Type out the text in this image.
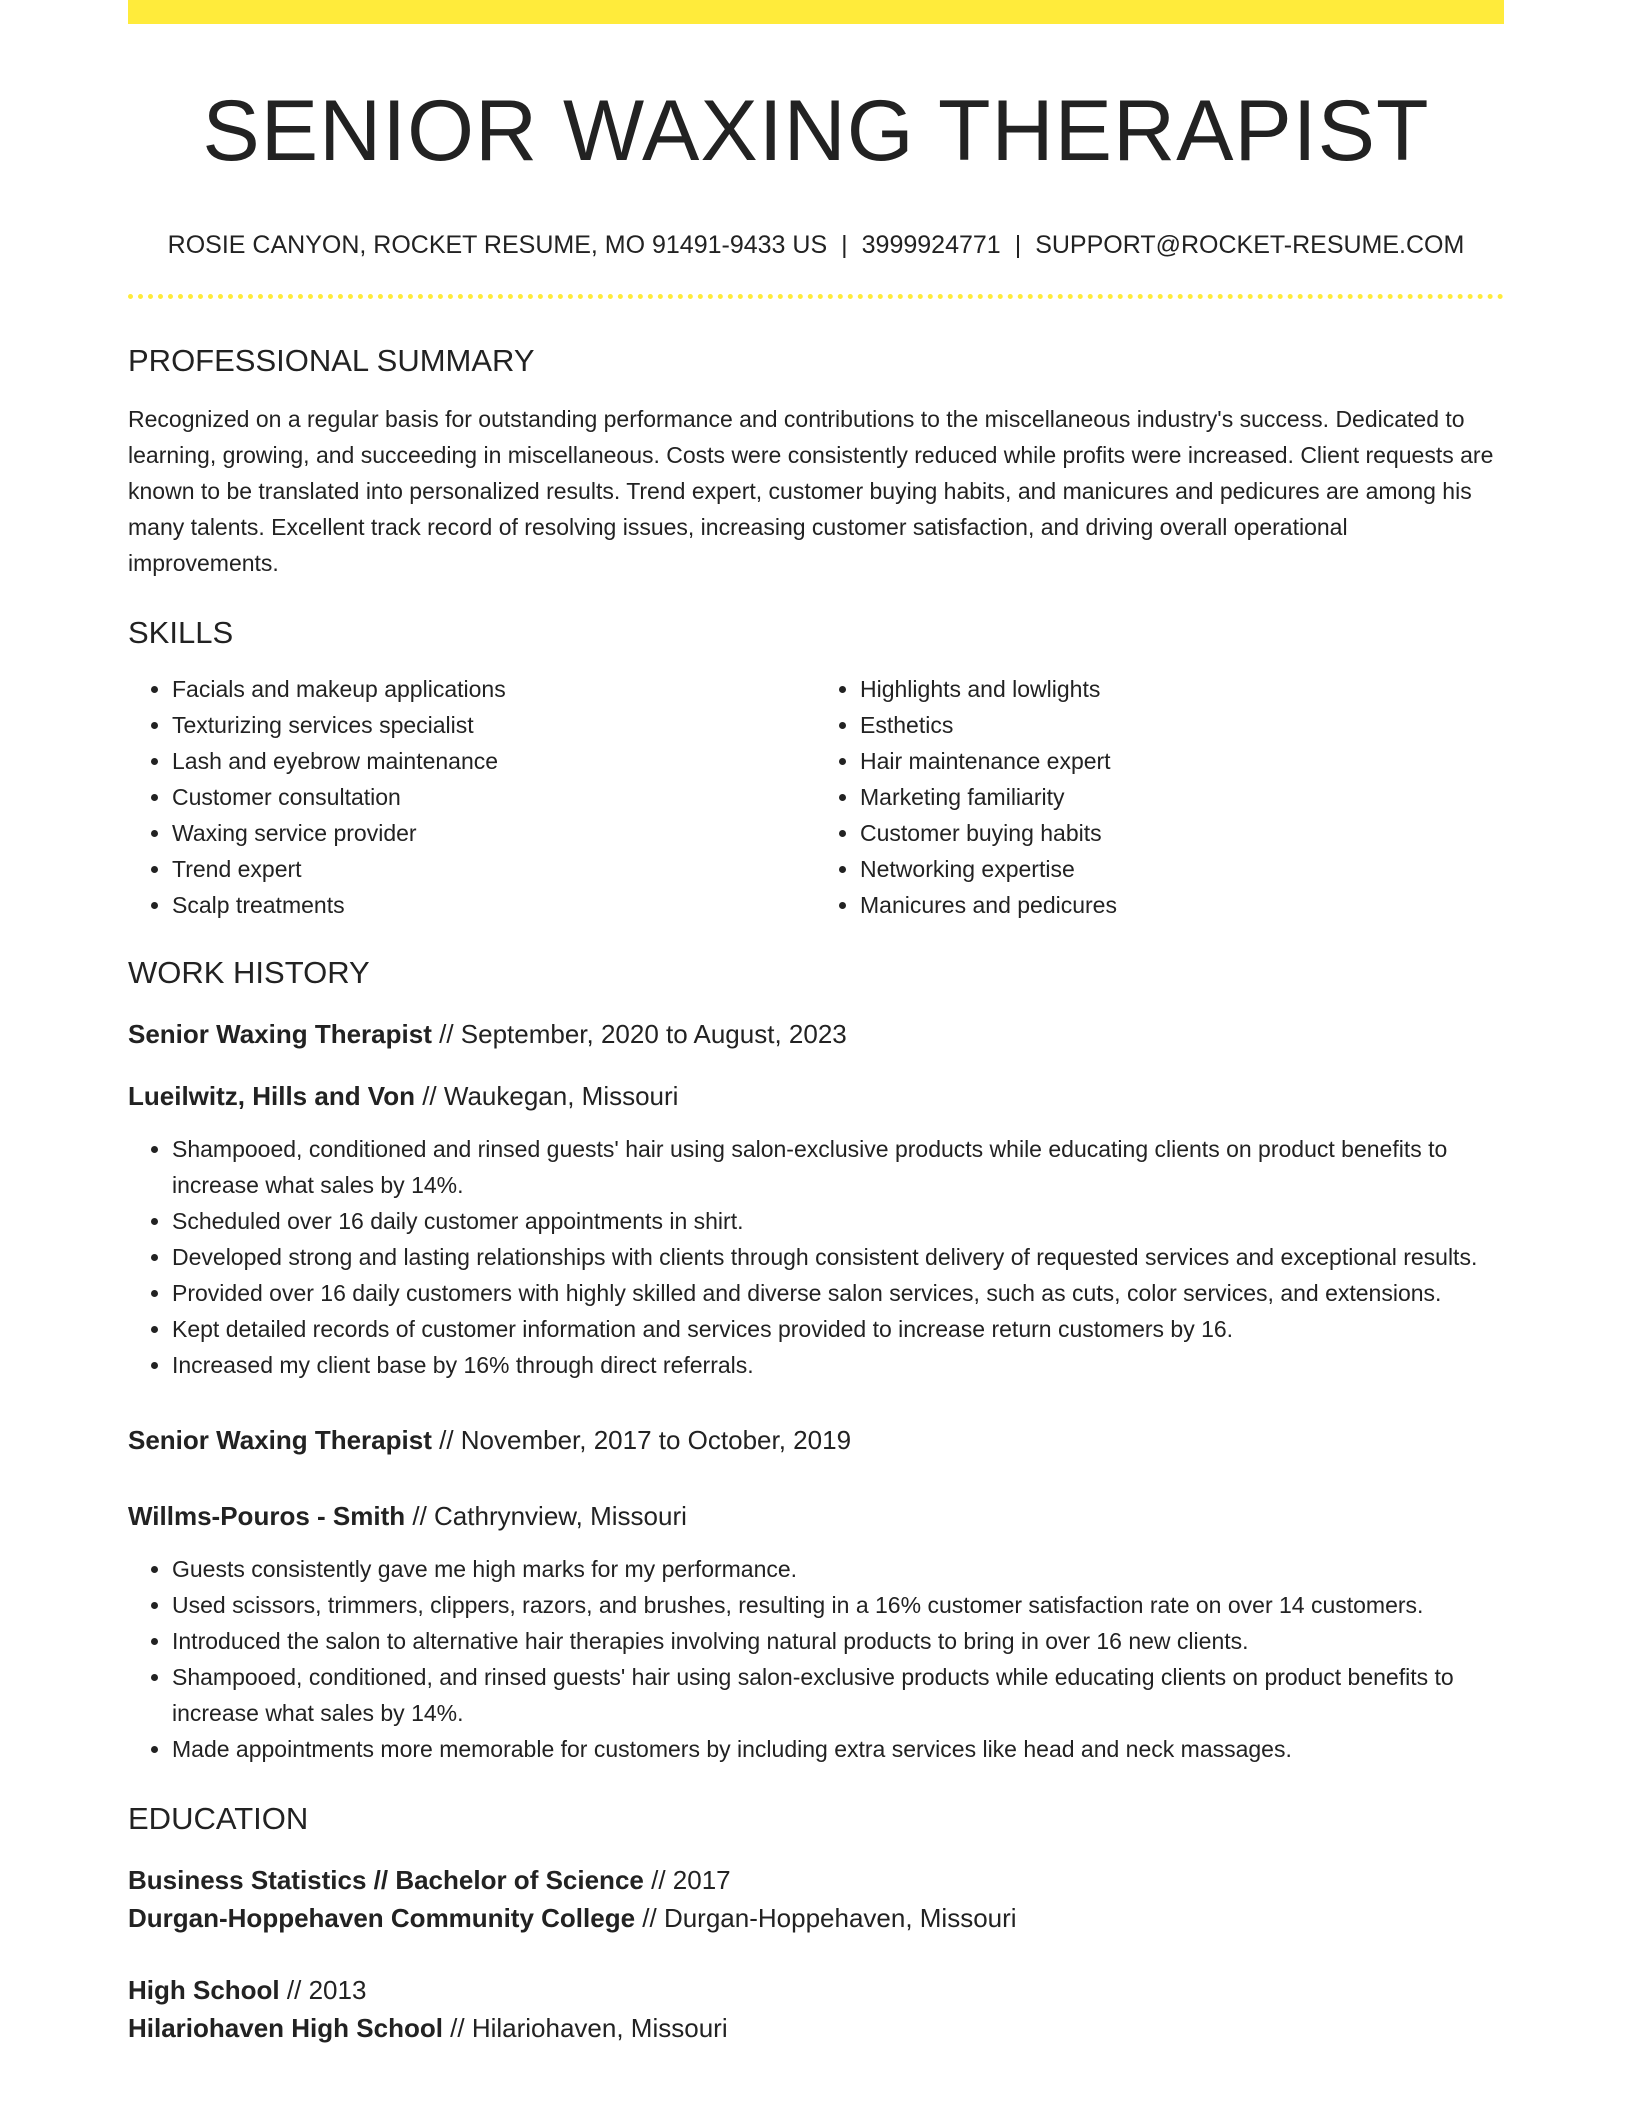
SENIOR WAXING THERAPIST
ROSIE CANYON, ROCKET RESUME, MO 91491-9433 US | 3999924771 | SUPPORT@ROCKET-RESUME.COM
PROFESSIONAL SUMMARY
Recognized on a regular basis for outstanding performance and contributions to the miscellaneous industry's success. Dedicated to learning, growing, and succeeding in miscellaneous. Costs were consistently reduced while profits were increased. Client requests are known to be translated into personalized results. Trend expert, customer buying habits, and manicures and pedicures are among his many talents. Excellent track record of resolving issues, increasing customer satisfaction, and driving overall operational improvements.
SKILLS
• Facials and makeup applications
• Texturizing services specialist
• Lash and eyebrow maintenance
• Customer consultation
• Waxing service provider
• Trend expert
• Scalp treatments
• Highlights and lowlights
• Esthetics
• Hair maintenance expert
• Marketing familiarity
• Customer buying habits
• Networking expertise
• Manicures and pedicures
WORK HISTORY
Senior Waxing Therapist // September, 2020 to August, 2023
Lueilwitz, Hills and Von // Waukegan, Missouri
• Shampooed, conditioned and rinsed guests' hair using salon-exclusive products while educating clients on product benefits to increase what sales by 14%.
• Scheduled over 16 daily customer appointments in shirt.
• Developed strong and lasting relationships with clients through consistent delivery of requested services and exceptional results.
• Provided over 16 daily customers with highly skilled and diverse salon services, such as cuts, color services, and extensions.
• Kept detailed records of customer information and services provided to increase return customers by 16.
• Increased my client base by 16% through direct referrals.
Senior Waxing Therapist // November, 2017 to October, 2019
Willms-Pouros - Smith // Cathrynview, Missouri
• Guests consistently gave me high marks for my performance.
• Used scissors, trimmers, clippers, razors, and brushes, resulting in a 16% customer satisfaction rate on over 14 customers.
• Introduced the salon to alternative hair therapies involving natural products to bring in over 16 new clients.
• Shampooed, conditioned, and rinsed guests' hair using salon-exclusive products while educating clients on product benefits to increase what sales by 14%.
• Made appointments more memorable for customers by including extra services like head and neck massages.
EDUCATION
Business Statistics // Bachelor of Science // 2017
Durgan-Hoppehaven Community College // Durgan-Hoppehaven, Missouri
High School // 2013
Hilariohaven High School // Hilariohaven, Missouri
